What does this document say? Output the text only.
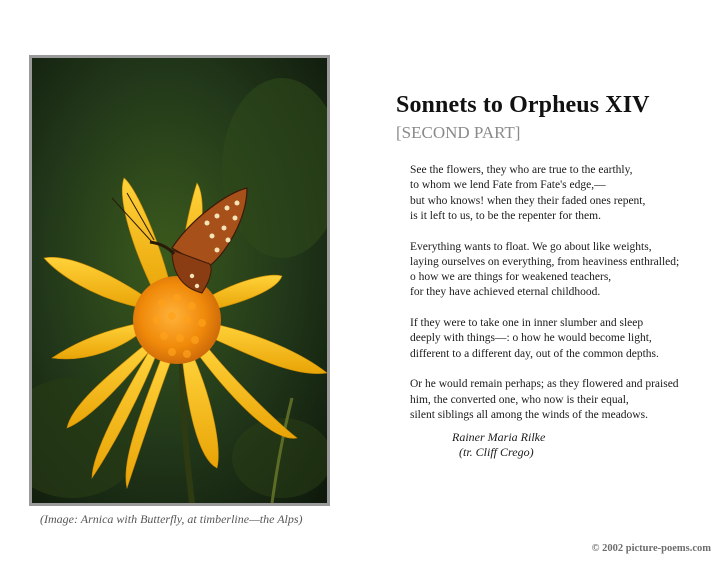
(Image: Arnica with Butterfly, at timberline—the Alps)
Sonnets to Orpheus XIV
[SECOND PART]
See the flowers, they who are true to the earthly,
to whom we lend Fate from Fate's edge,—
but who knows! when they their faded ones repent,
is it left to us, to be the repenter for them.
Everything wants to float. We go about like weights,
laying ourselves on everything, from heaviness enthralled;
o how we are things for weakened teachers,
for they have achieved eternal childhood.
If they were to take one in inner slumber and sleep
deeply with things—: o how he would become light,
different to a different day, out of the common depths.
Or he would remain perhaps; as they flowered and praised
him, the converted one, who now is their equal,
silent siblings all among the winds of the meadows.
Rainer Maria Rilke
(tr. Cliff Crego)
© 2002 picture-poems.com
